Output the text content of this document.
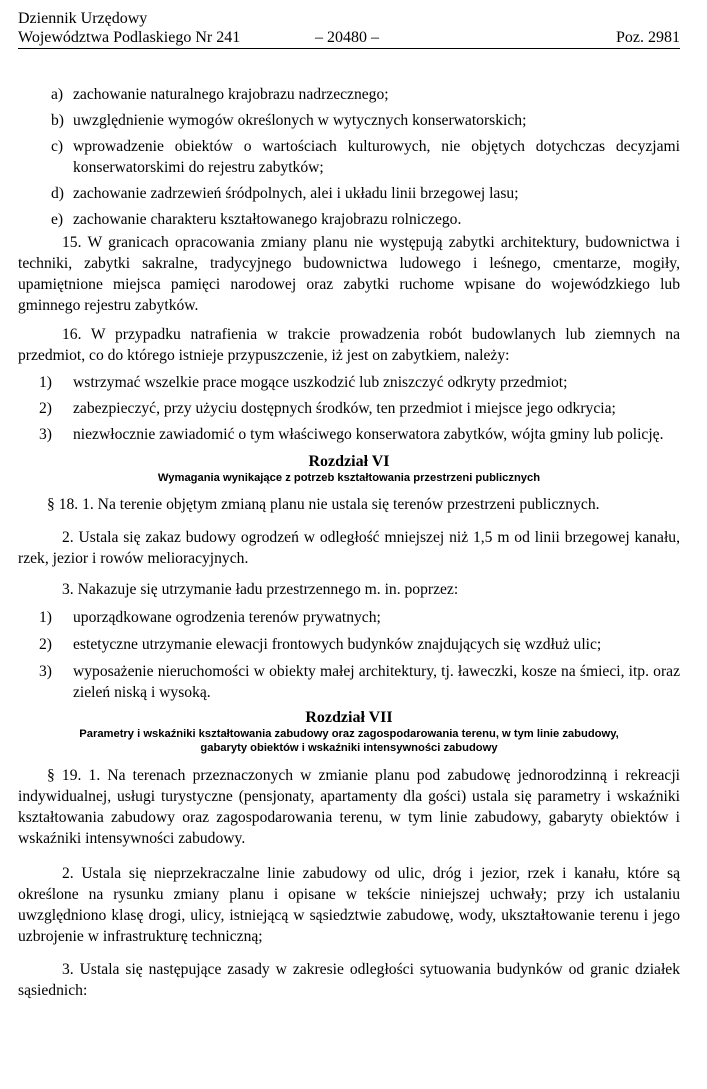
Dziennik Urzędowy
Województwa Podlaskiego Nr 241	– 20480 –	Poz. 2981

a) zachowanie naturalnego krajobrazu nadrzecznego;

b) uwzględnienie wymogów określonych w wytycznych konserwatorskich;

c) wprowadzenie obiektów o wartościach kulturowych, nie objętych dotychczas decyzjami konserwatorskimi do rejestru zabytków;

d) zachowanie zadrzewień śródpolnych, alei i układu linii brzegowej lasu;

e) zachowanie charakteru kształtowanego krajobrazu rolniczego.

15. W granicach opracowania zmiany planu nie występują zabytki architektury, budownictwa i techniki, zabytki sakralne, tradycyjnego budownictwa ludowego i leśnego, cmentarze, mogiły, upamiętnione miejsca pamięci narodowej oraz zabytki ruchome wpisane do wojewódzkiego lub gminnego rejestru zabytków.

16. W przypadku natrafienia w trakcie prowadzenia robót budowlanych lub ziemnych na przedmiot, co do którego istnieje przypuszczenie, iż jest on zabytkiem, należy:

1) wstrzymać wszelkie prace mogące uszkodzić lub zniszczyć odkryty przedmiot;

2) zabezpieczyć, przy użyciu dostępnych środków, ten przedmiot i miejsce jego odkrycia;

3) niezwłocznie zawiadomić o tym właściwego konserwatora zabytków, wójta gminy lub policję.

Rozdział VI

Wymagania wynikające z potrzeb kształtowania przestrzeni publicznych

§ 18. 1. Na terenie objętym zmianą planu nie ustala się terenów przestrzeni publicznych.

2. Ustala się zakaz budowy ogrodzeń w odległość mniejszej niż 1,5 m od linii brzegowej kanału, rzek, jezior i rowów melioracyjnych.

3. Nakazuje się utrzymanie ładu przestrzennego m. in. poprzez:

1) uporządkowane ogrodzenia terenów prywatnych;

2) estetyczne utrzymanie elewacji frontowych budynków znajdujących się wzdłuż ulic;

3) wyposażenie nieruchomości w obiekty małej architektury, tj. ławeczki, kosze na śmieci, itp. oraz zieleń niską i wysoką.

Rozdział VII

Parametry i wskaźniki kształtowania zabudowy oraz zagospodarowania terenu, w tym linie zabudowy,
gabaryty obiektów i wskaźniki intensywności zabudowy

§ 19. 1. Na terenach przeznaczonych w zmianie planu pod zabudowę jednorodzinną i rekreacji indywidualnej, usługi turystyczne (pensjonaty, apartamenty dla gości) ustala się parametry i wskaźniki kształtowania zabudowy oraz zagospodarowania terenu, w tym linie zabudowy, gabaryty obiektów i wskaźniki intensywności zabudowy.

2. Ustala się nieprzekraczalne linie zabudowy od ulic, dróg i jezior, rzek i kanału, które są określone na rysunku zmiany planu i opisane w tekście niniejszej uchwały; przy ich ustalaniu uwzględniono klasę drogi, ulicy, istniejącą w sąsiedztwie zabudowę, wody, ukształtowanie terenu i jego uzbrojenie w infrastrukturę techniczną;

3. Ustala się następujące zasady w zakresie odległości sytuowania budynków od granic działek sąsiednich:
